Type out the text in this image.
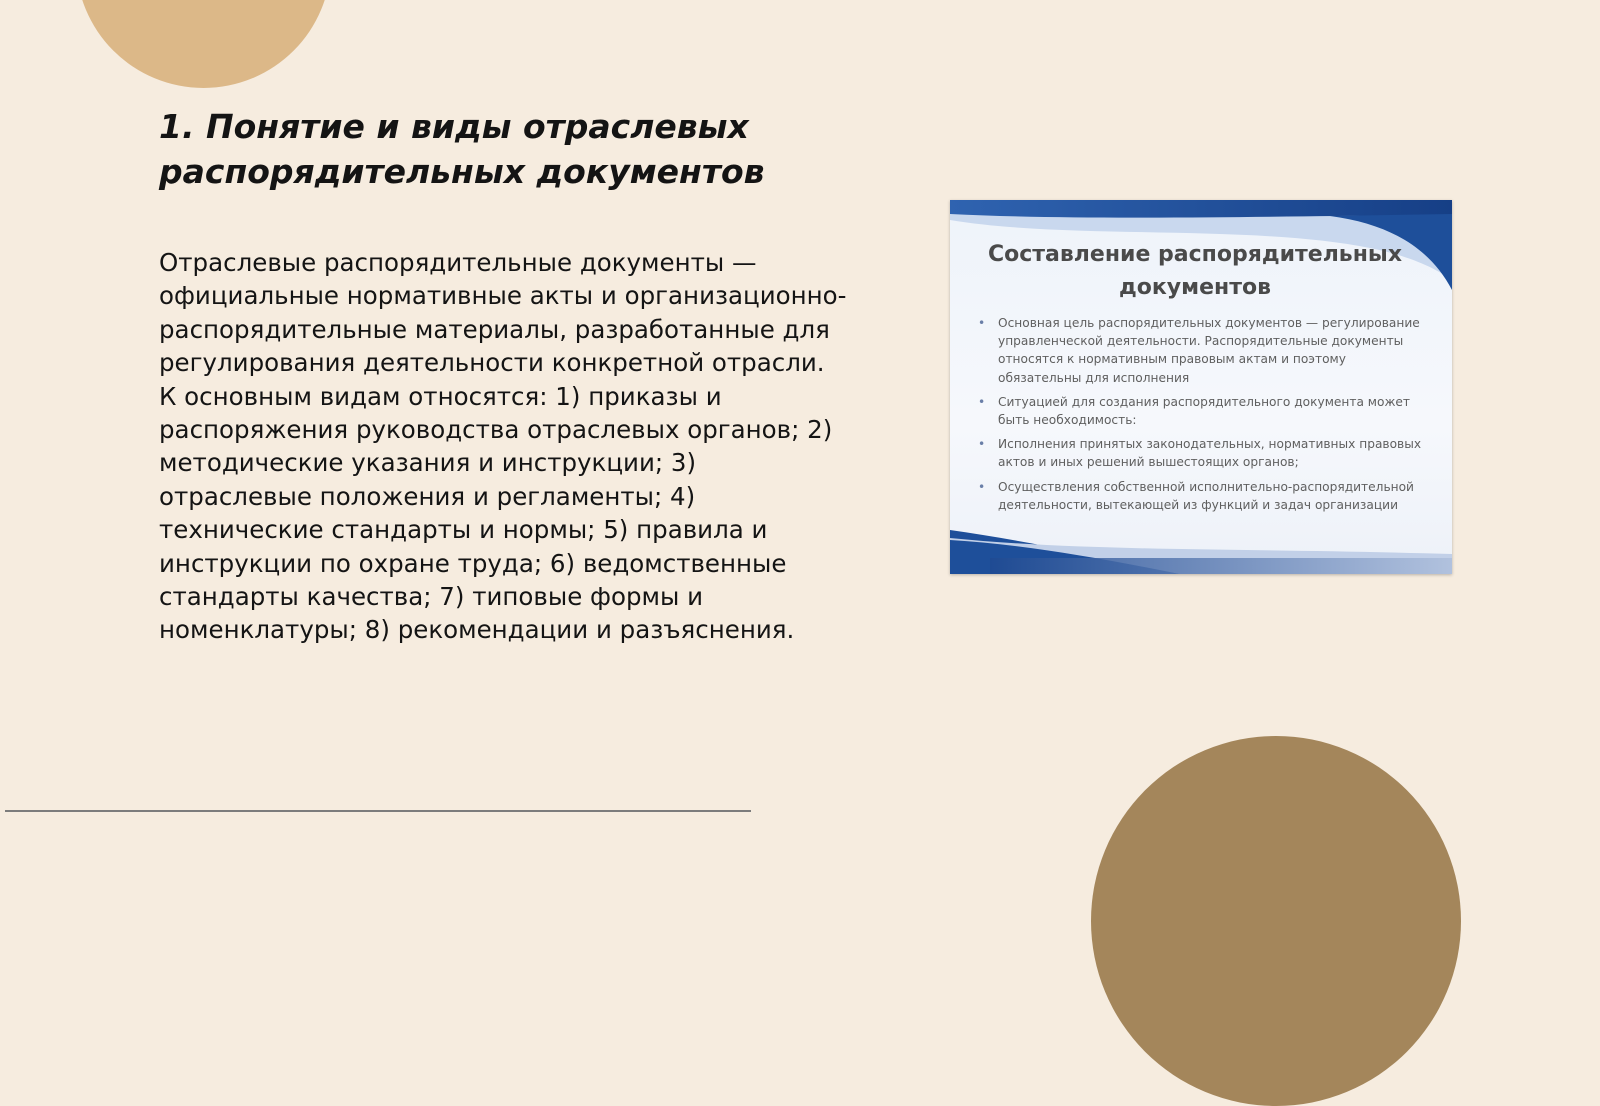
1. Понятие и виды отраслевых распорядительных документов

Отраслевые распорядительные документы — официальные нормативные акты и организационно-распорядительные материалы, разработанные для регулирования деятельности конкретной отрасли. К основным видам относятся: 1) приказы и распоряжения руководства отраслевых органов; 2) методические указания и инструкции; 3) отраслевые положения и регламенты; 4) технические стандарты и нормы; 5) правила и инструкции по охране труда; 6) ведомственные стандарты качества; 7) типовые формы и номенклатуры; 8) рекомендации и разъяснения.

Составление распорядительных документов
• Основная цель распорядительных документов — регулирование управленческой деятельности. Распорядительные документы относятся к нормативным правовым актам и поэтому обязательны для исполнения
• Ситуацией для создания распорядительного документа может быть необходимость:
• Исполнения принятых законодательных, нормативных правовых актов и иных решений вышестоящих органов;
• Осуществления собственной исполнительно-распорядительной деятельности, вытекающей из функций и задач организации
